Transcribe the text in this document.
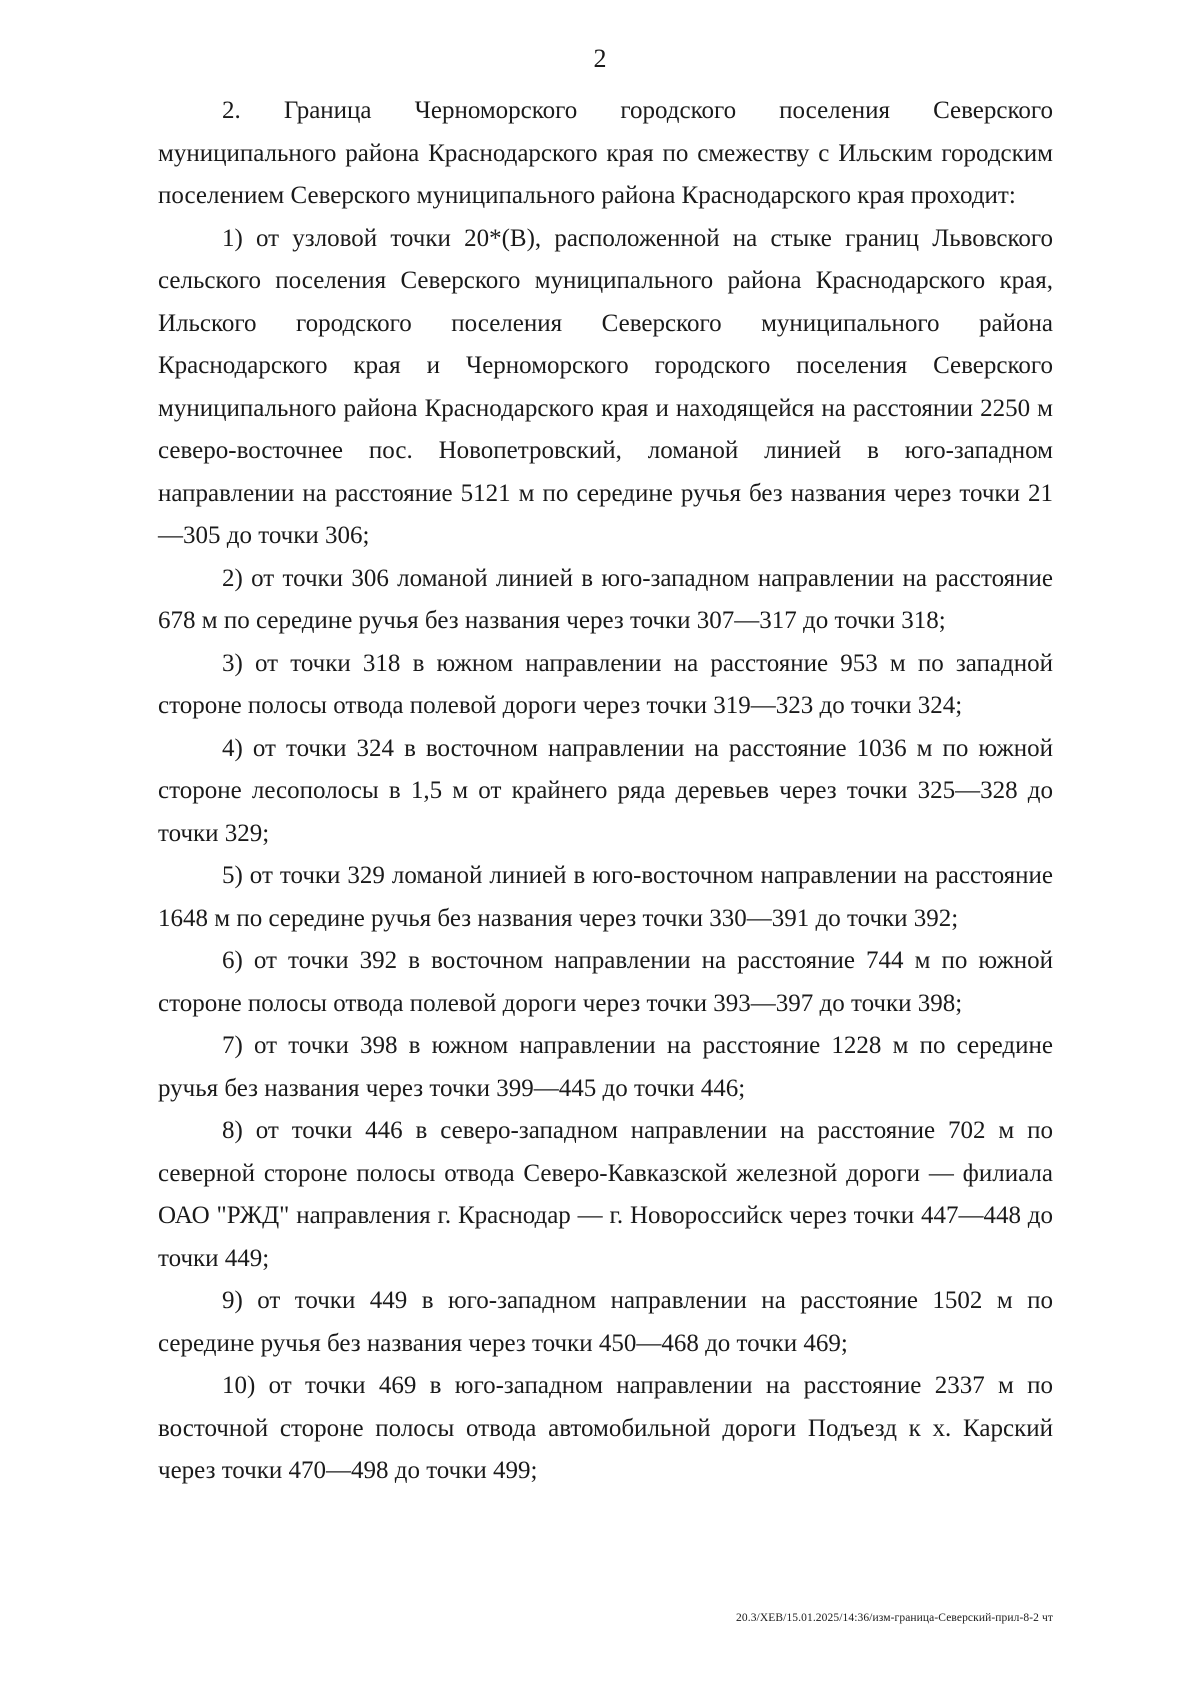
2

2. Граница Черноморского городского поселения Северского муниципального района Краснодарского края по смежеству с Ильским городским поселением Северского муниципального района Краснодарского края проходит:

1) от узловой точки 20*(В), расположенной на стыке границ Львовского сельского поселения Северского муниципального района Краснодарского края, Ильского городского поселения Северского муниципального района Краснодарского края и Черноморского городского поселения Северского муниципального района Краснодарского края и находящейся на расстоянии 2250 м северо-восточнее пос. Новопетровский, ломаной линией в юго-западном направлении на расстояние 5121 м по середине ручья без названия через точки 21—305 до точки 306;

2) от точки 306 ломаной линией в юго-западном направлении на расстояние 678 м по середине ручья без названия через точки 307—317 до точки 318;

3) от точки 318 в южном направлении на расстояние 953 м по западной стороне полосы отвода полевой дороги через точки 319—323 до точки 324;

4) от точки 324 в восточном направлении на расстояние 1036 м по южной стороне лесополосы в 1,5 м от крайнего ряда деревьев через точки 325—328 до точки 329;

5) от точки 329 ломаной линией в юго-восточном направлении на расстояние 1648 м по середине ручья без названия через точки 330—391 до точки 392;

6) от точки 392 в восточном направлении на расстояние 744 м по южной стороне полосы отвода полевой дороги через точки 393—397 до точки 398;

7) от точки 398 в южном направлении на расстояние 1228 м по середине ручья без названия через точки 399—445 до точки 446;

8) от точки 446 в северо-западном направлении на расстояние 702 м по северной стороне полосы отвода Северо-Кавказской железной дороги — филиала ОАО "РЖД" направления г. Краснодар — г. Новороссийск через точки 447—448 до точки 449;

9) от точки 449 в юго-западном направлении на расстояние 1502 м по середине ручья без названия через точки 450—468 до точки 469;

10) от точки 469 в юго-западном направлении на расстояние 2337 м по восточной стороне полосы отвода автомобильной дороги Подъезд к х. Карский через точки 470—498 до точки 499;

20.3/ХЕВ/15.01.2025/14:36/изм-граница-Северский-прил-8-2 чт
